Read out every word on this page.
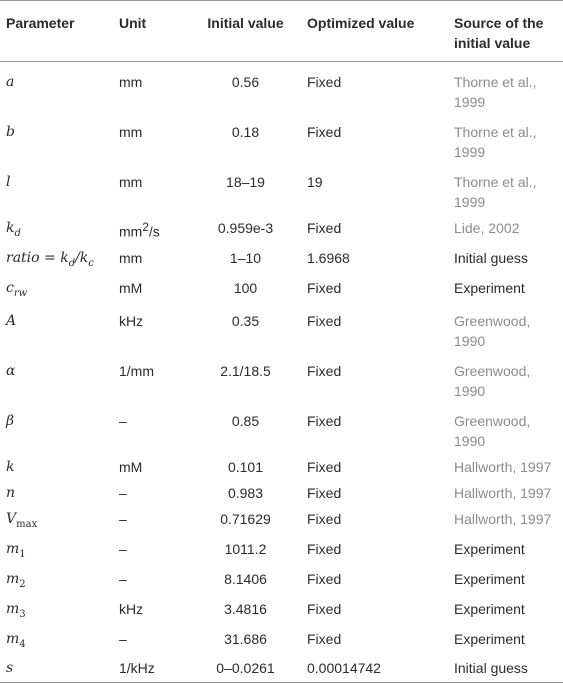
Parameter	Unit	Initial value	Optimized value	Source of the
initial value
a	mm	0.56	Fixed	Thorne et al., 1999
b	mm	0.18	Fixed	Thorne et al., 1999
l	mm	18–19	19	Thorne et al., 1999
$k_d$	$mm^2/s$	0.959e-3	Fixed	Lide, 2002
ratio = $k_d/k_c$	mm	1–10	1.6968	Initial guess
$c_{rw}$	mM	100	Fixed	Experiment
A	kHz	0.35	Fixed	Greenwood, 1990
α	1/mm	2.1/18.5	Fixed	Greenwood, 1990
β	–	0.85	Fixed	Greenwood, 1990
k	mM	0.101	Fixed	Hallworth, 1997
n	–	0.983	Fixed	Hallworth, 1997
$V_{max}$	–	0.71629	Fixed	Hallworth, 1997
$m_1$	–	1011.2	Fixed	Experiment
$m_2$	–	8.1406	Fixed	Experiment
$m_3$	kHz	3.4816	Fixed	Experiment
$m_4$	–	31.686	Fixed	Experiment
s	1/kHz	0–0.0261	0.00014742	Initial guess
